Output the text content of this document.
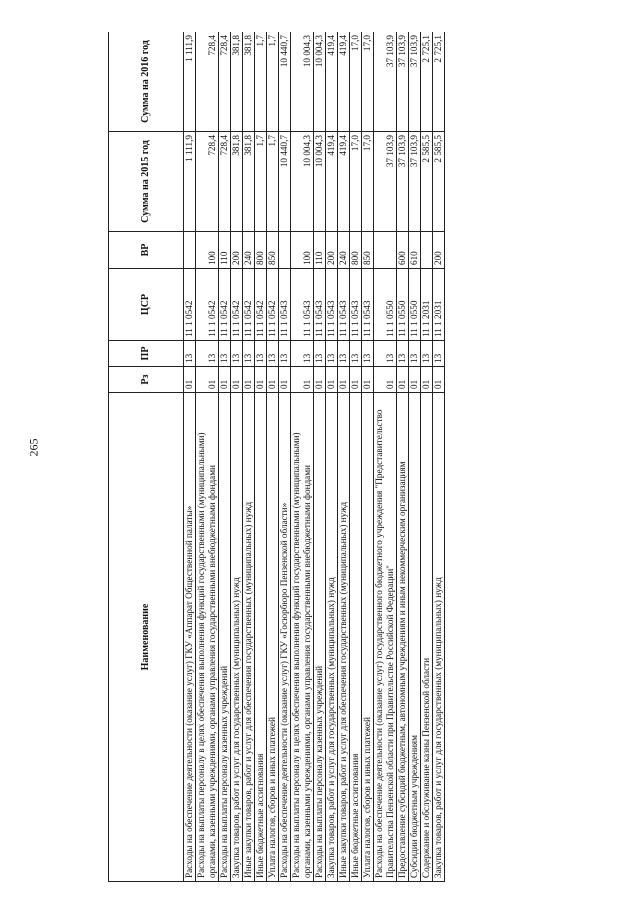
265
Наименование	Рз	ПР	ЦСР	ВР	Сумма на 2015 год	Сумма на 2016 год
Расходы на обеспечение деятельности (оказание услуг) ГКУ «Аппарат Общественной палаты»	01	13	11 1 0542		1 111,9	1 111,9
Расходы на выплаты персоналу в целях обеспечения выполнения функций государственными (муниципальными) органами, казенными учреждениями, органами управления государственными внебюджетными фондами	01	13	11 1 0542	100	728,4	728,4
Расходы на выплаты персоналу казенных учреждений	01	13	11 1 0542	110	728,4	728,4
Закупка товаров, работ и услуг для государственных (муниципальных) нужд	01	13	11 1 0542	200	381,8	381,8
Иные закупки товаров, работ и услуг для обеспечения государственных (муниципальных) нужд	01	13	11 1 0542	240	381,8	381,8
Иные бюджетные ассигнования	01	13	11 1 0542	800	1,7	1,7
Уплата налогов, сборов и иных платежей	01	13	11 1 0542	850	1,7	1,7
Расходы на обеспечение деятельности (оказание услуг) ГКУ «Госюрбюро Пензенской области»	01	13	11 1 0543		10 440,7	10 440,7
Расходы на выплаты персоналу в целях обеспечения выполнения функций государственными (муниципальными) органами, казенными учреждениями, органами управления государственными внебюджетными фондами	01	13	11 1 0543	100	10 004,3	10 004,3
Расходы на выплаты персоналу казенных учреждений	01	13	11 1 0543	110	10 004,3	10 004,3
Закупка товаров, работ и услуг для государственных (муниципальных) нужд	01	13	11 1 0543	200	419,4	419,4
Иные закупки товаров, работ и услуг для обеспечения государственных (муниципальных) нужд	01	13	11 1 0543	240	419,4	419,4
Иные бюджетные ассигнования	01	13	11 1 0543	800	17,0	17,0
Уплата налогов, сборов и иных платежей	01	13	11 1 0543	850	17,0	17,0
Расходы на обеспечение деятельности (оказание услуг) государственного бюджетного учреждения "Представительство Правительства Пензенской области при Правительстве Российской Федерации"	01	13	11 1 0550		37 103,9	37 103,9
Предоставление субсидий бюджетным, автономным учреждениям и иным некоммерческим организациям	01	13	11 1 0550	600	37 103,9	37 103,9
Субсидии бюджетным учреждениям	01	13	11 1 0550	610	37 103,9	37 103,9
Содержание и обслуживание казны Пензенской области	01	13	11 1 2031		2 585,5	2 725,1
Закупка товаров, работ и услуг для государственных (муниципальных) нужд	01	13	11 1 2031	200	2 585,5	2 725,1
